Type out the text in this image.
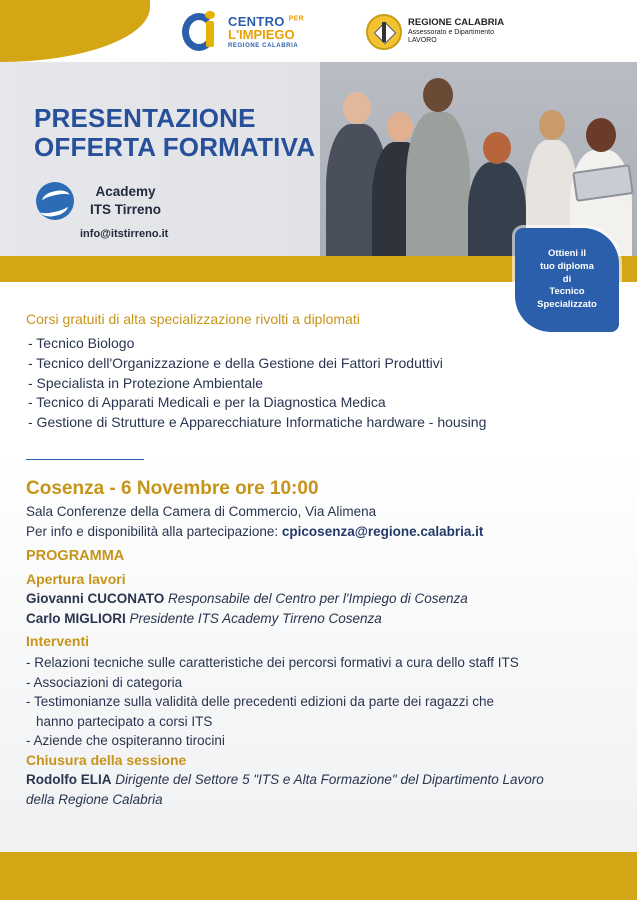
CENTRO $^{PER}$
L'IMPIEGO
REGIONE CALABRIA
REGIONE CALABRIA
Assessorato e Dipartimento
LAVORO
PRESENTAZIONE
OFFERTA FORMATIVA
Academy
ITS Tirreno
info@itstirreno.it
Ottieni il
tuo diploma
di
Tecnico
Specializzato
Corsi gratuiti di alta specializzazione rivolti a diplomati
- Tecnico Biologo
- Tecnico dell'Organizzazione e della Gestione dei Fattori Produttivi
- Specialista in Protezione Ambientale
- Tecnico di Apparati Medicali e per la Diagnostica Medica
- Gestione di Strutture e Apparecchiature Informatiche hardware - housing
Cosenza - 6 Novembre ore 10:00
Sala Conferenze della Camera di Commercio, Via Alimena
Per info e disponibilità alla partecipazione: cpicosenza@regione.calabria.it
PROGRAMMA
Apertura lavori
Giovanni CUCONATO Responsabile del Centro per l'Impiego di Cosenza
Carlo MIGLIORI Presidente ITS Academy Tirreno Cosenza
Interventi
- Relazioni tecniche sulle caratteristiche dei percorsi formativi a cura dello staff ITS
- Associazioni di categoria
- Testimonianze sulla validità delle precedenti edizioni da parte dei ragazzi che
hanno partecipato a corsi ITS
- Aziende che ospiteranno tirocini
Chiusura della sessione
Rodolfo ELIA Dirigente del Settore 5 "ITS e Alta Formazione" del Dipartimento Lavoro
della Regione Calabria
